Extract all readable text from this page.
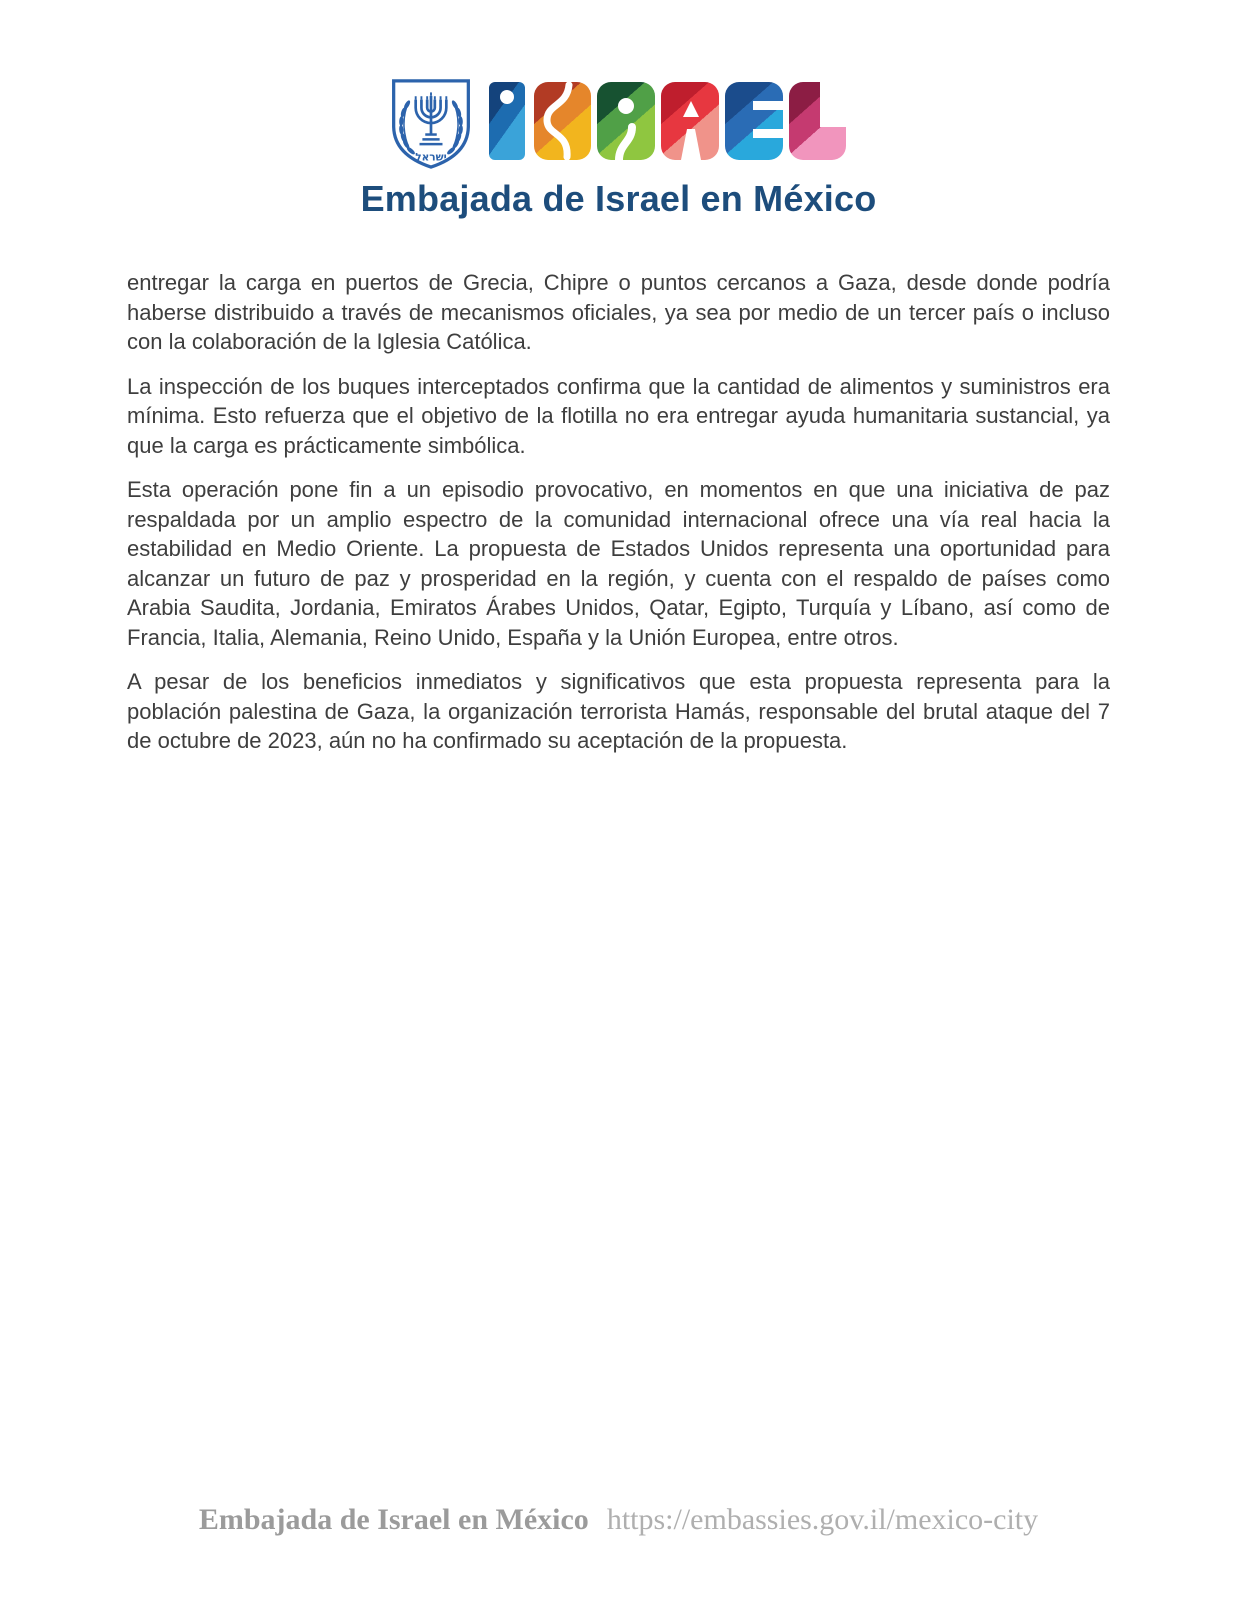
ישראל
Embajada de Israel en México

entregar la carga en puertos de Grecia, Chipre o puntos cercanos a Gaza, desde donde podría haberse distribuido a través de mecanismos oficiales, ya sea por medio de un tercer país o incluso con la colaboración de la Iglesia Católica.

La inspección de los buques interceptados confirma que la cantidad de alimentos y suministros era mínima. Esto refuerza que el objetivo de la flotilla no era entregar ayuda humanitaria sustancial, ya que la carga es prácticamente simbólica.

Esta operación pone fin a un episodio provocativo, en momentos en que una iniciativa de paz respaldada por un amplio espectro de la comunidad internacional ofrece una vía real hacia la estabilidad en Medio Oriente. La propuesta de Estados Unidos representa una oportunidad para alcanzar un futuro de paz y prosperidad en la región, y cuenta con el respaldo de países como Arabia Saudita, Jordania, Emiratos Árabes Unidos, Qatar, Egipto, Turquía y Líbano, así como de Francia, Italia, Alemania, Reino Unido, España y la Unión Europea, entre otros.

A pesar de los beneficios inmediatos y significativos que esta propuesta representa para la población palestina de Gaza, la organización terrorista Hamás, responsable del brutal ataque del 7 de octubre de 2023, aún no ha confirmado su aceptación de la propuesta.

Embajada de Israel en México https://embassies.gov.il/mexico-city
